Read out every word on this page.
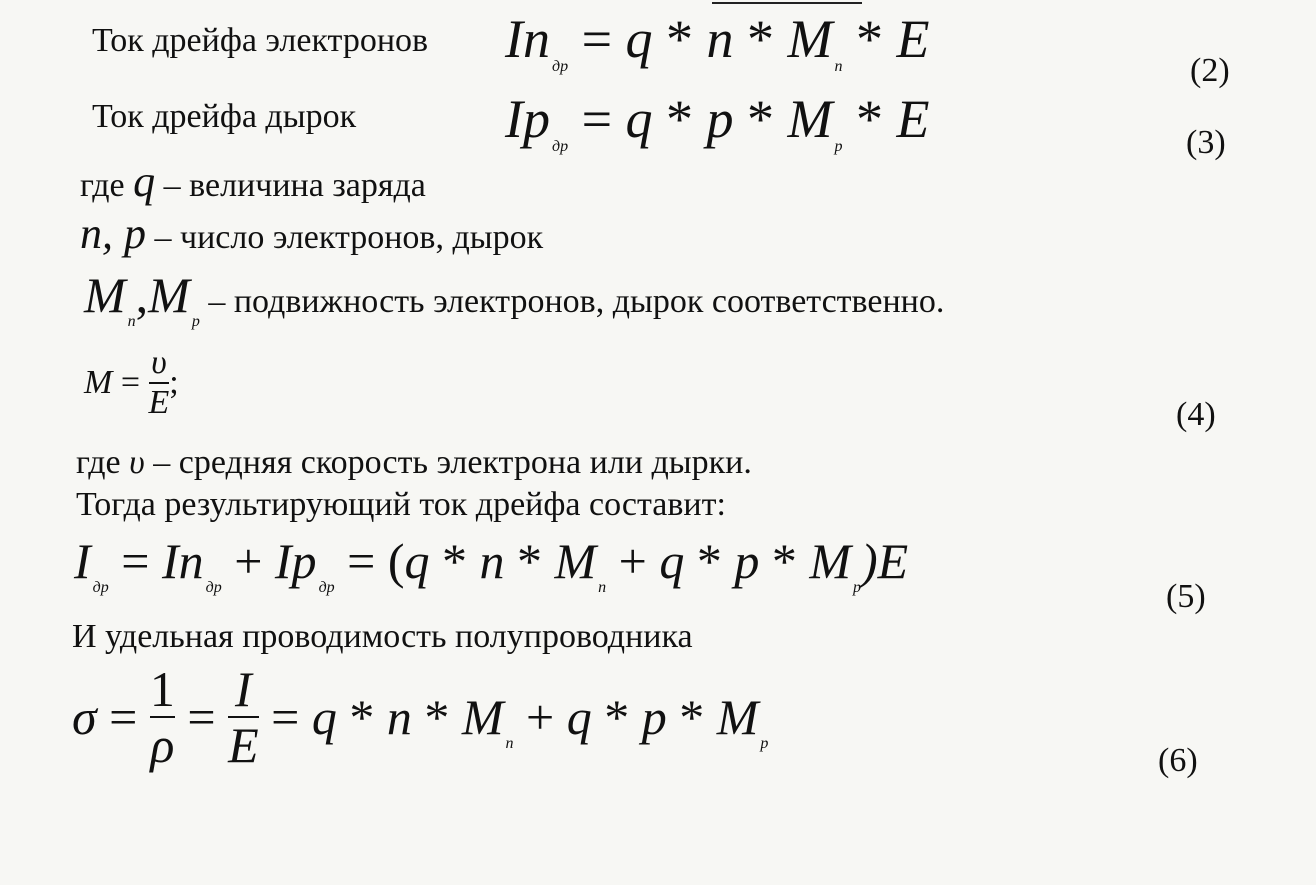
Ток дрейфа электронов In $_{др}$ = q * n * M $_n$ * E
(2)
Ток дрейфа дырок	Ip $_{др}$ = q * p * M $_p$ * E	(3)
где q – величина заряда
n, p – число электронов, дырок
M $_n$,M $_p$ – подвижность электронов, дырок соответственно.
$M = \frac{\upsilon}{E}$ ;
(4)
где υ – средняя скорость электрона или дырки.
Тогда результирующий ток дрейфа составит:
I $_{др}$ = In $_{др}$ + Ip $_{др}$ = (q * n * M $_n$ + q * p * M $_p$)E
(5)
И удельная проводимость полупроводника
$\sigma = \frac{1}{\rho} = \frac{I}{E} = q * n * M$ $_n$ + q * p * M $_p$	(6)
